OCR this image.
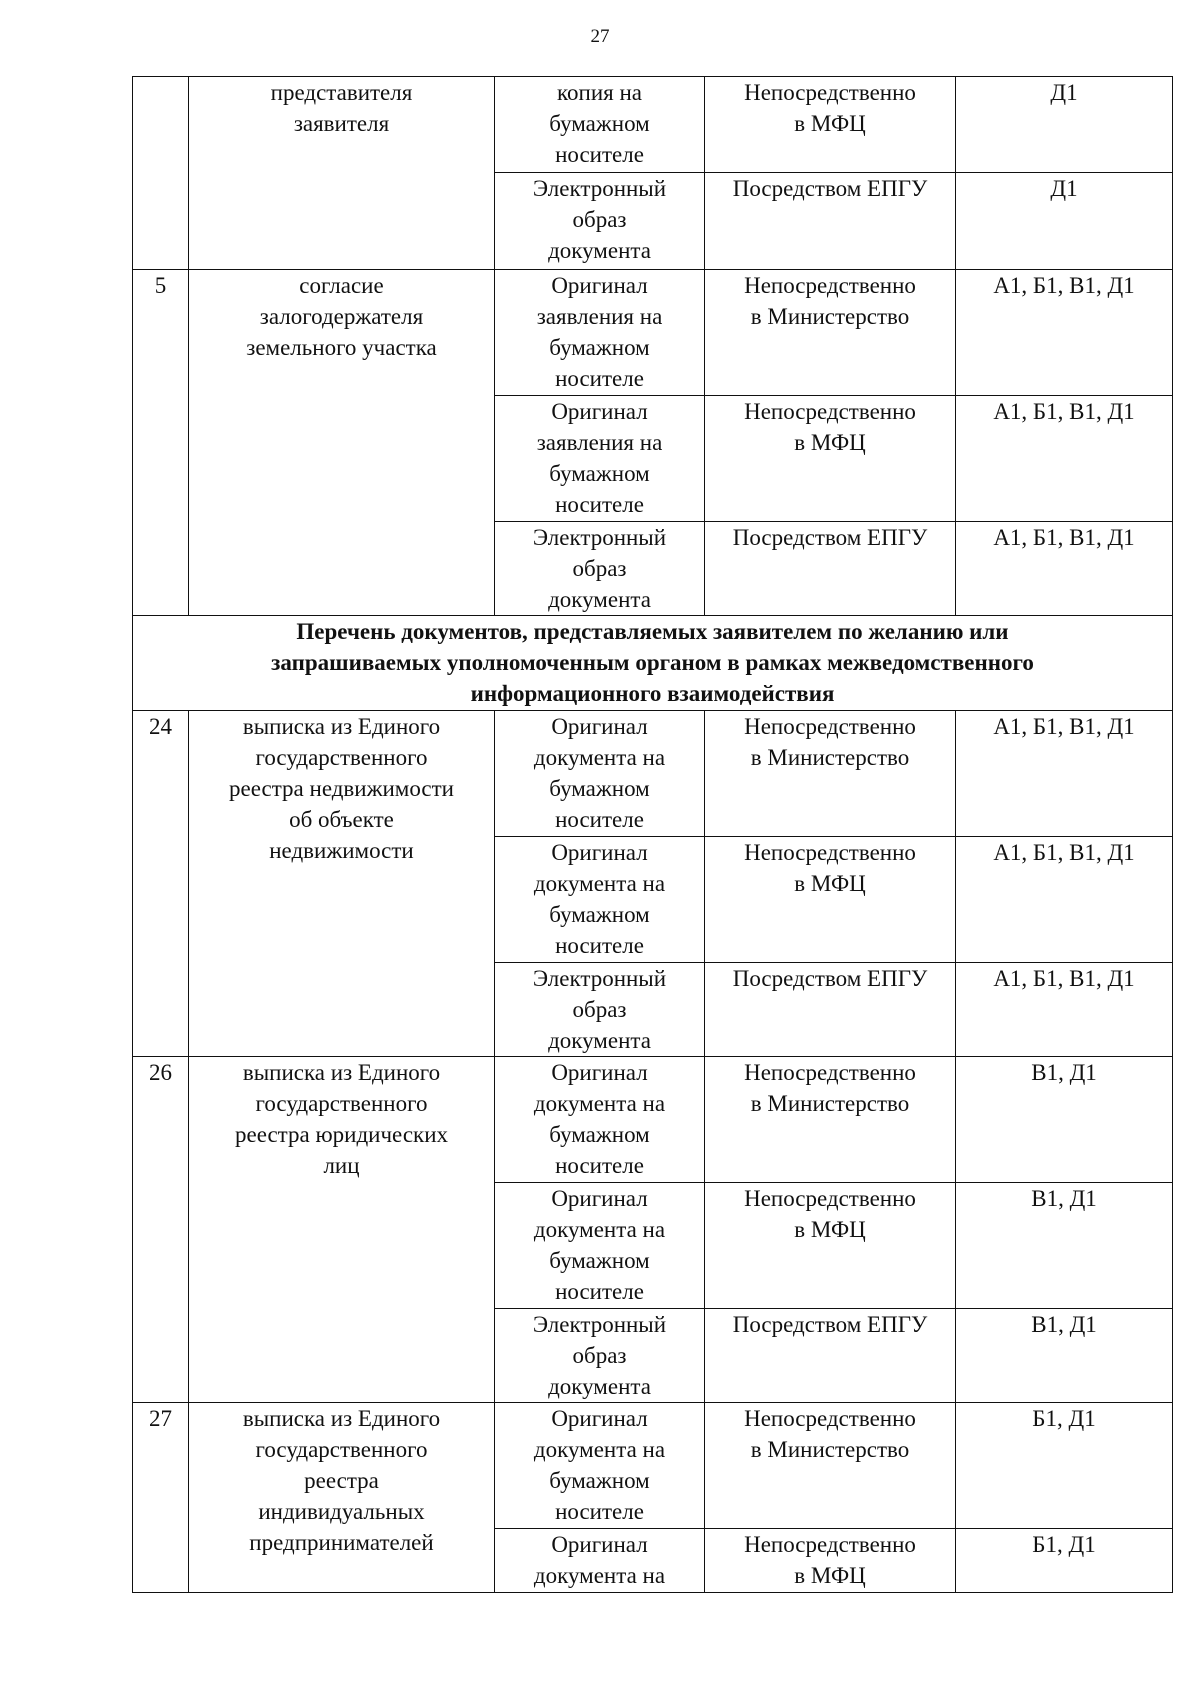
27

	представителя
заявителя	копия на
бумажном
носителе	Непосредственно
в МФЦ	Д1

		Электронный
образ
документа	Посредством ЕПГУ	Д1
5	согласие
залогодержателя
земельного участка	Оригинал
заявления на
бумажном
носителе	Непосредственно
в Министерство	А1, Б1, В1, Д1

		Оригинал
заявления на
бумажном
носителе	Непосредственно
в МФЦ	А1, Б1, В1, Д1

		Электронный
образ
документа	Посредством ЕПГУ	А1, Б1, В1, Д1

Перечень документов, представляемых заявителем по желанию или
запрашиваемых уполномоченным органом в рамках межведомственного
информационного взаимодействия				

24	выписка из Единого
государственного
реестра недвижимости
об объекте
недвижимости	Оригинал
документа на
бумажном
носителе	Непосредственно
в Министерство	А1, Б1, В1, Д1

		Оригинал
документа на
бумажном
носителе	Непосредственно
в МФЦ	А1, Б1, В1, Д1

		Электронный
образ
документа	Посредством ЕПГУ	А1, Б1, В1, Д1
26	выписка из Единого
государственного
реестра юридических
лиц	Оригинал
документа на
бумажном
носителе	Непосредственно
в Министерство	В1, Д1

		Оригинал
документа на
бумажном
носителе	Непосредственно
в МФЦ	В1, Д1

		Электронный
образ
документа	Посредством ЕПГУ	В1, Д1
27	выписка из Единого
государственного
реестра
индивидуальных
предпринимателей	Оригинал
документа на
бумажном
носителе	Непосредственно
в Министерство	Б1, Д1

		Оригинал
документа на	Непосредственно
в МФЦ	Б1, Д1
